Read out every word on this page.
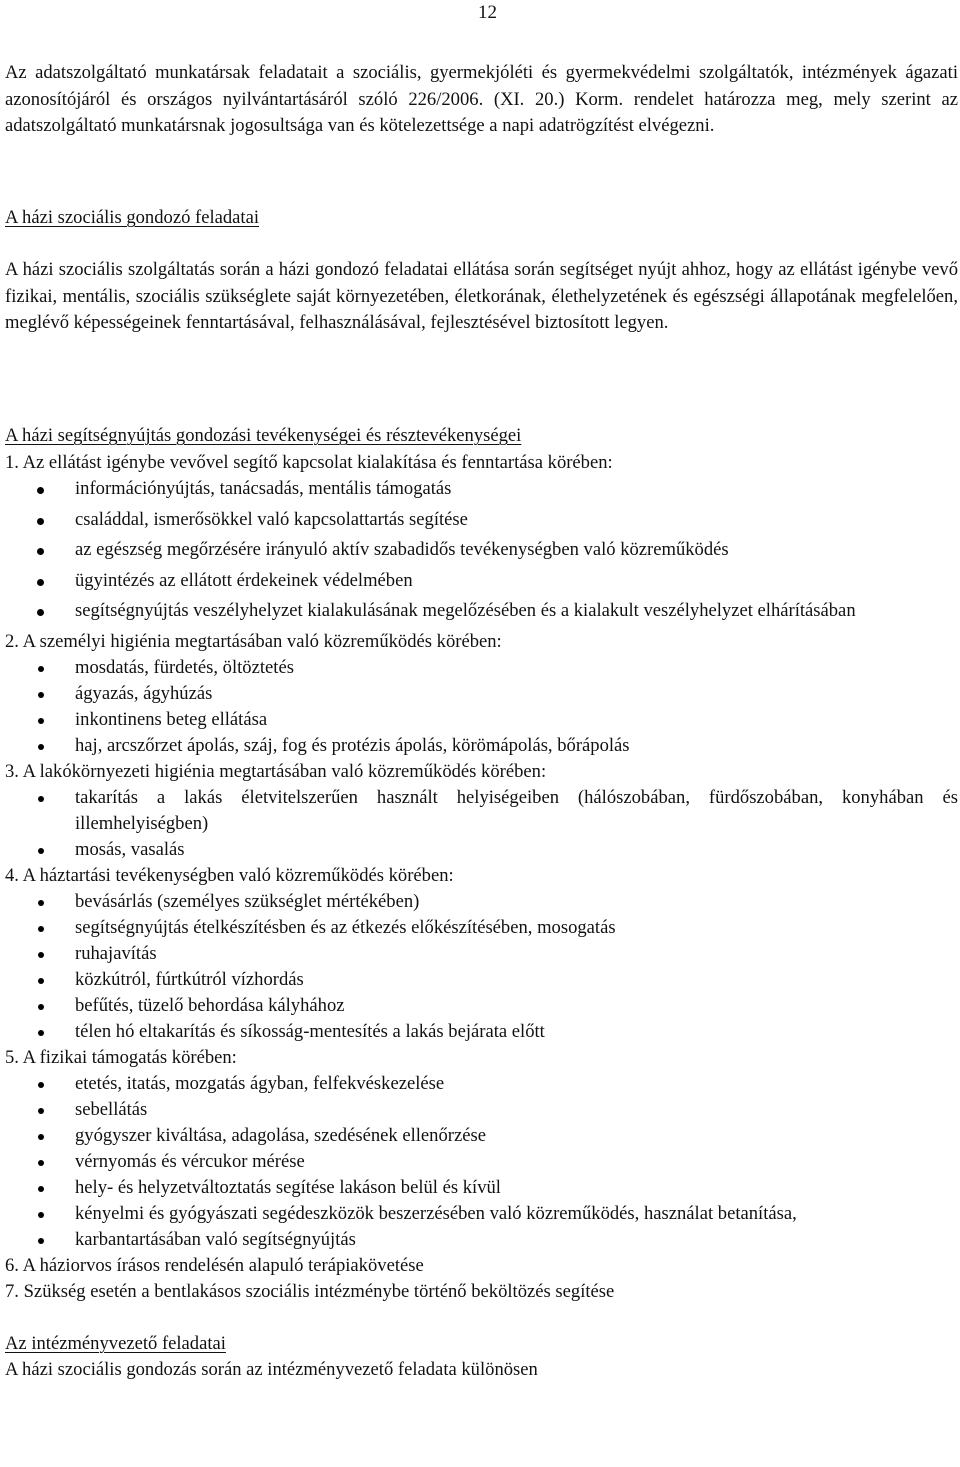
12

Az adatszolgáltató munkatársak feladatait a szociális, gyermekjóléti és gyermekvédelmi szolgáltatók, intézmények ágazati azonosítójáról és országos nyilvántartásáról szóló 226/2006. (XI. 20.) Korm. rendelet határozza meg, mely szerint az adatszolgáltató munkatársnak jogosultsága van és kötelezettsége a napi adatrögzítést elvégezni.

A házi szociális gondozó feladatai

A házi szociális szolgáltatás során a házi gondozó feladatai ellátása során segítséget nyújt ahhoz, hogy az ellátást igénybe vevő fizikai, mentális, szociális szükséglete saját környezetében, életkorának, élethelyzetének és egészségi állapotának megfelelően, meglévő képességeinek fenntartásával, felhasználásával, fejlesztésével biztosított legyen.

A házi segítségnyújtás gondozási tevékenységei és résztevékenységei

1. Az ellátást igénybe vevővel segítő kapcsolat kialakítása és fenntartása körében:

információnyújtás, tanácsadás, mentális támogatás
családdal, ismerősökkel való kapcsolattartás segítése
az egészség megőrzésére irányuló aktív szabadidős tevékenységben való közreműködés
ügyintézés az ellátott érdekeinek védelmében
segítségnyújtás veszélyhelyzet kialakulásának megelőzésében és a kialakult veszélyhelyzet elhárításában

2. A személyi higiénia megtartásában való közreműködés körében:

mosdatás, fürdetés, öltöztetés
ágyazás, ágyhúzás
inkontinens beteg ellátása
haj, arcszőrzet ápolás, száj, fog és protézis ápolás, körömápolás, bőrápolás

3. A lakókörnyezeti higiénia megtartásában való közreműködés körében:

takarítás a lakás életvitelszerűen használt helyiségeiben (hálószobában, fürdőszobában, konyhában és illemhelyiségben)
mosás, vasalás

4. A háztartási tevékenységben való közreműködés körében:

bevásárlás (személyes szükséglet mértékében)
segítségnyújtás ételkészítésben és az étkezés előkészítésében, mosogatás
ruhajavítás
közkútról, fúrtkútról vízhordás
befűtés, tüzelő behordása kályhához
télen hó eltakarítás és síkosság-mentesítés a lakás bejárata előtt

5. A fizikai támogatás körében:

etetés, itatás, mozgatás ágyban, felfekvéskezelése
sebellátás
gyógyszer kiváltása, adagolása, szedésének ellenőrzése
vérnyomás és vércukor mérése
hely- és helyzetváltoztatás segítése lakáson belül és kívül
kényelmi és gyógyászati segédeszközök beszerzésében való közreműködés, használat betanítása,
karbantartásában való segítségnyújtás

6. A háziorvos írásos rendelésén alapuló terápiakövetése

7. Szükség esetén a bentlakásos szociális intézménybe történő beköltözés segítése

Az intézményvezető feladatai

A házi szociális gondozás során az intézményvezető feladata különösen
